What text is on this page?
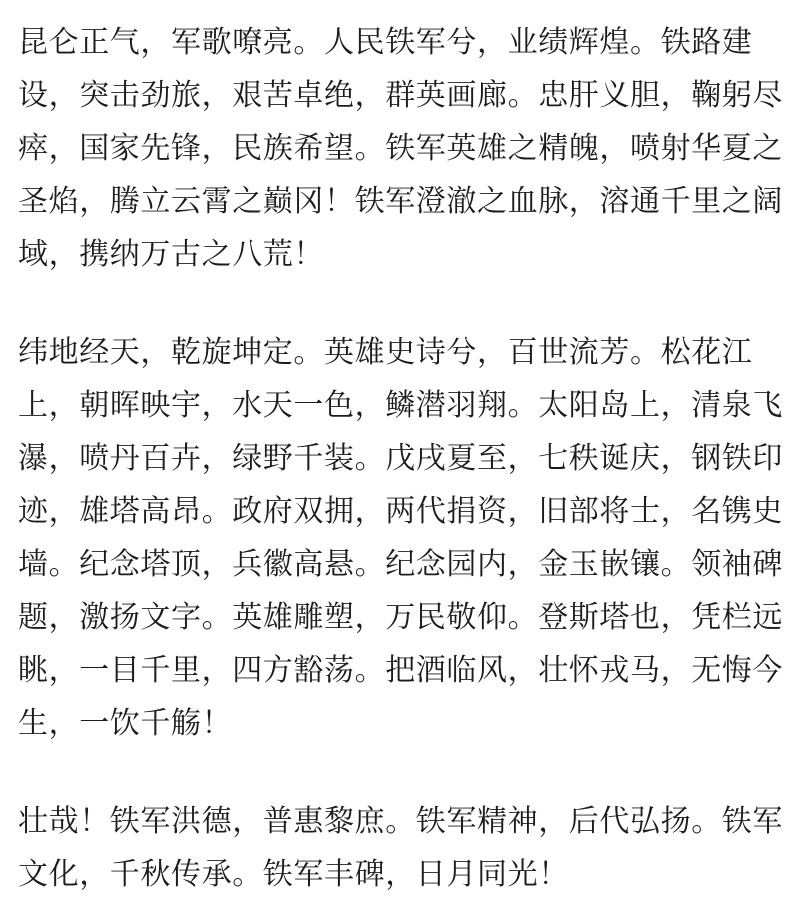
昆仑正气，军歌嘹亮。人民铁军兮，业绩辉煌。铁路建
设，突击劲旅，艰苦卓绝，群英画廊。忠肝义胆，鞠躬尽
瘁，国家先锋，民族希望。铁军英雄之精魄，喷射华夏之
圣焰，腾立云霄之巅冈！铁军澄澈之血脉，溶通千里之阔
域，携纳万古之八荒！
纬地经天，乾旋坤定。英雄史诗兮，百世流芳。松花江
上，朝晖映宇，水天一色，鳞潜羽翔。太阳岛上，清泉飞
瀑，喷丹百卉，绿野千装。戊戌夏至，七秩诞庆，钢铁印
迹，雄塔高昂。政府双拥，两代捐资，旧部将士，名镌史
墙。纪念塔顶，兵徽高悬。纪念园内，金玉嵌镶。领袖碑
题，激扬文字。英雄雕塑，万民敬仰。登斯塔也，凭栏远
眺，一目千里，四方豁荡。把酒临风，壮怀戎马，无悔今
生，一饮千觞！
壮哉！铁军洪德，普惠黎庶。铁军精神，后代弘扬。铁军
文化，千秋传承。铁军丰碑，日月同光！
